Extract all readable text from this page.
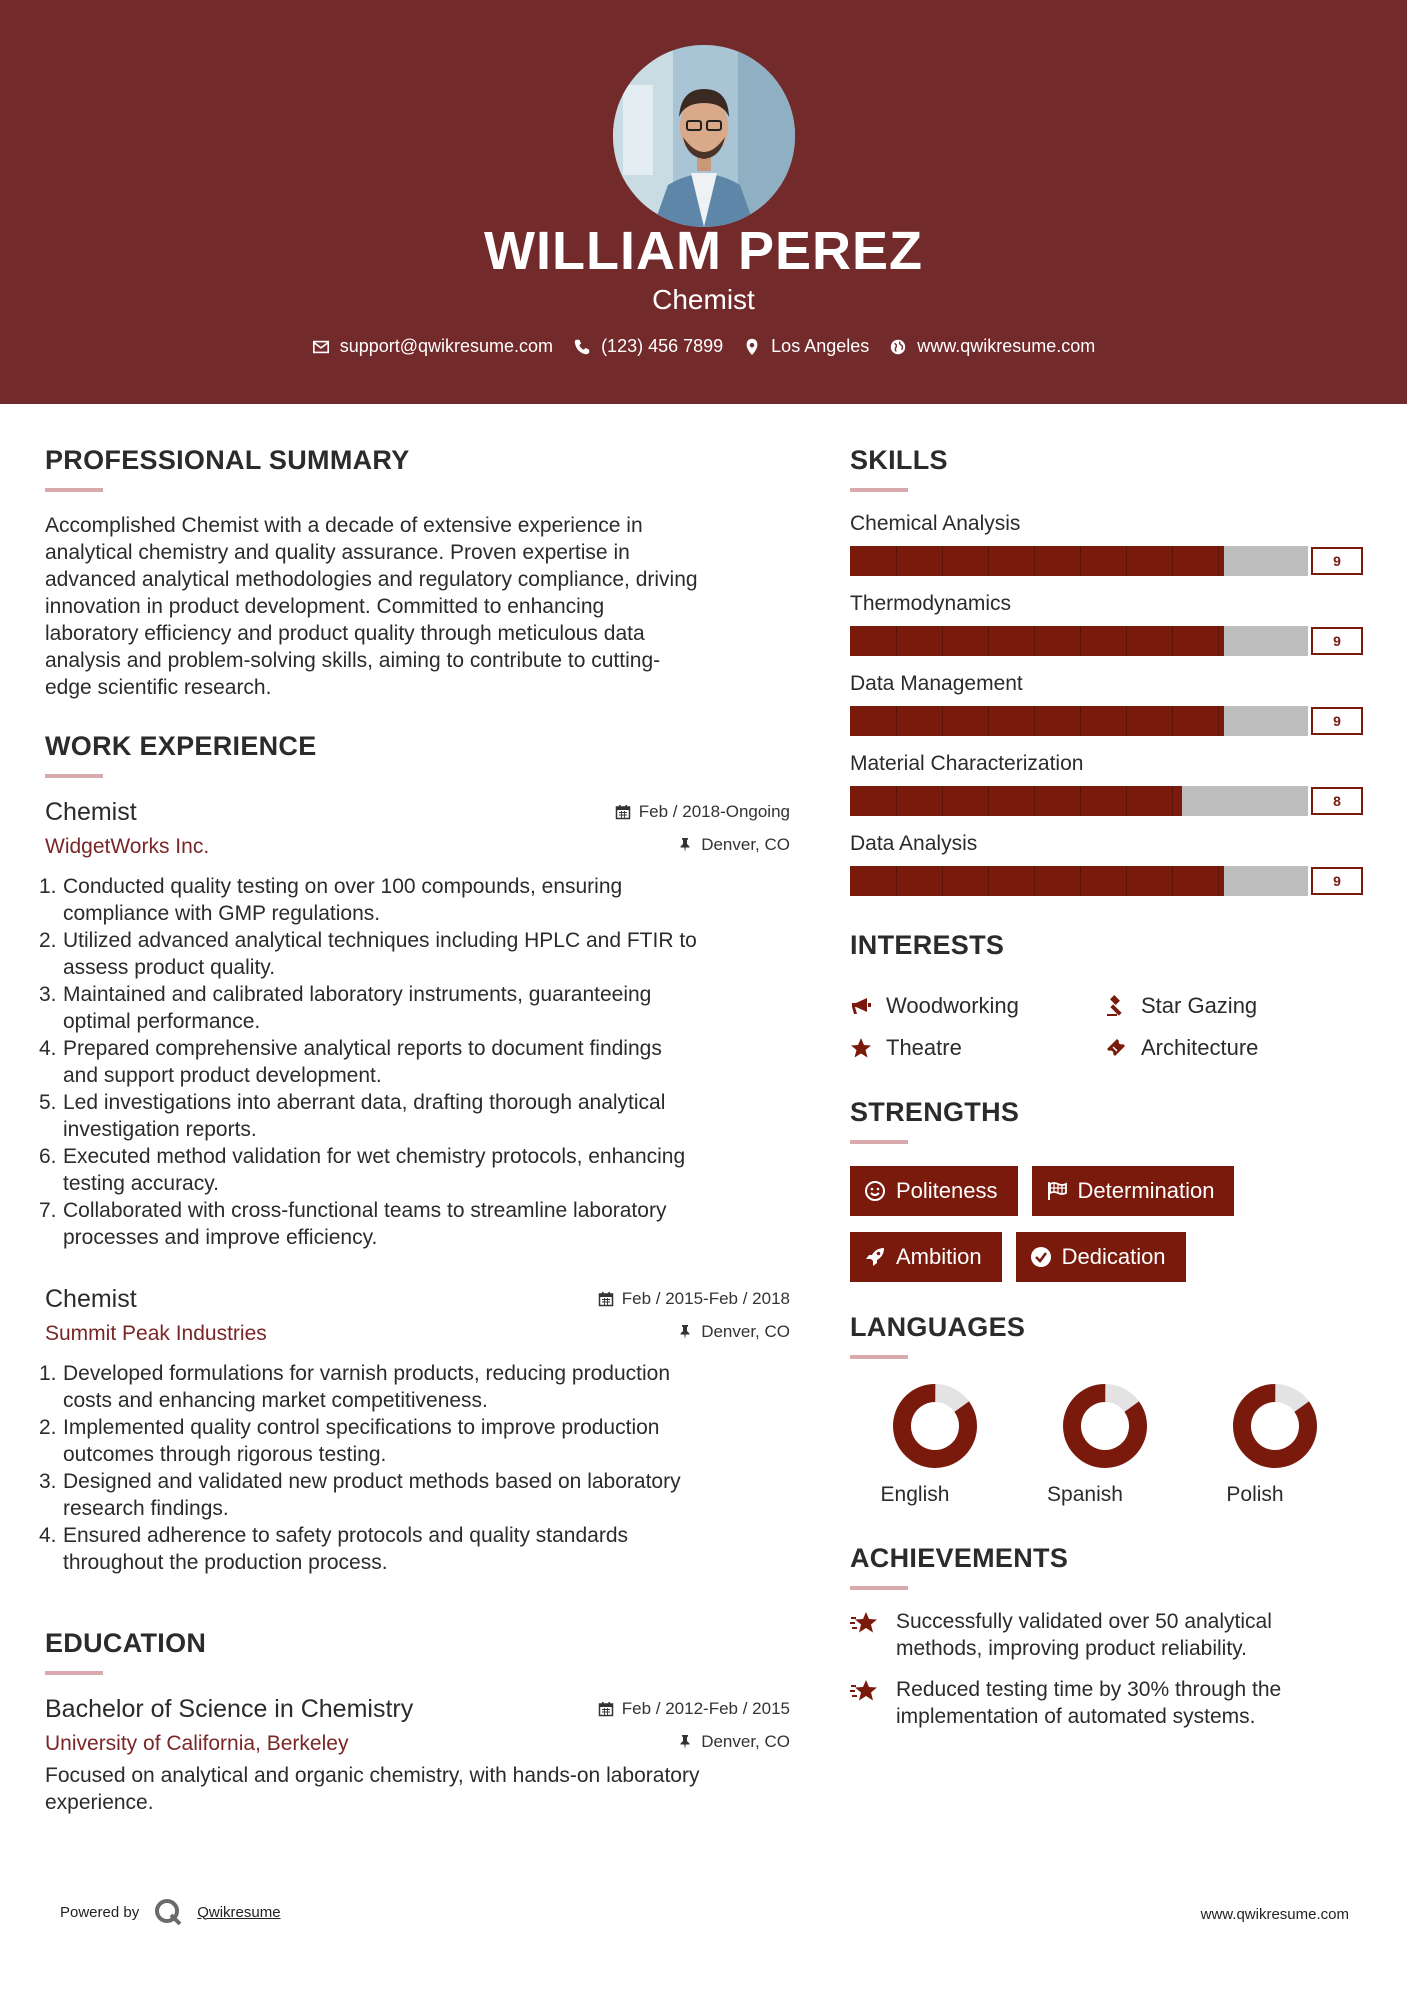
WILLIAM PEREZ
Chemist
support@qwikresume.com	(123) 456 7899	Los Angeles	www.qwikresume.com
PROFESSIONAL SUMMARY
Accomplished Chemist with a decade of extensive experience in
analytical chemistry and quality assurance. Proven expertise in
advanced analytical methodologies and regulatory compliance, driving
innovation in product development. Committed to enhancing
laboratory efficiency and product quality through meticulous data
analysis and problem-solving skills, aiming to contribute to cutting-
edge scientific research.
WORK EXPERIENCE
Chemist	Feb / 2018-Ongoing
WidgetWorks Inc.	Denver, CO
1. Conducted quality testing on over 100 compounds, ensuring
compliance with GMP regulations.
2. Utilized advanced analytical techniques including HPLC and FTIR to
assess product quality.
3. Maintained and calibrated laboratory instruments, guaranteeing
optimal performance.
4. Prepared comprehensive analytical reports to document findings
and support product development.
5. Led investigations into aberrant data, drafting thorough analytical
investigation reports.
6. Executed method validation for wet chemistry protocols, enhancing
testing accuracy.
7. Collaborated with cross-functional teams to streamline laboratory
processes and improve efficiency.
Chemist	Feb / 2015-Feb / 2018
Summit Peak Industries	Denver, CO
1. Developed formulations for varnish products, reducing production
costs and enhancing market competitiveness.
2. Implemented quality control specifications to improve production
outcomes through rigorous testing.
3. Designed and validated new product methods based on laboratory
research findings.
4. Ensured adherence to safety protocols and quality standards
throughout the production process.
EDUCATION
Bachelor of Science in Chemistry	Feb / 2012-Feb / 2015
University of California, Berkeley	Denver, CO
Focused on analytical and organic chemistry, with hands-on laboratory
experience.
SKILLS
Chemical Analysis
9
Thermodynamics
9
Data Management
9
Material Characterization
8
Data Analysis
9
INTERESTS
Woodworking	Star Gazing
Theatre	Architecture
STRENGTHS
Politeness	Determination
Ambition	Dedication
LANGUAGES
English	Spanish	Polish
ACHIEVEMENTS
Successfully validated over 50 analytical
methods, improving product reliability.
Reduced testing time by 30% through the
implementation of automated systems.
Powered by	Qwikresume	www.qwikresume.com
